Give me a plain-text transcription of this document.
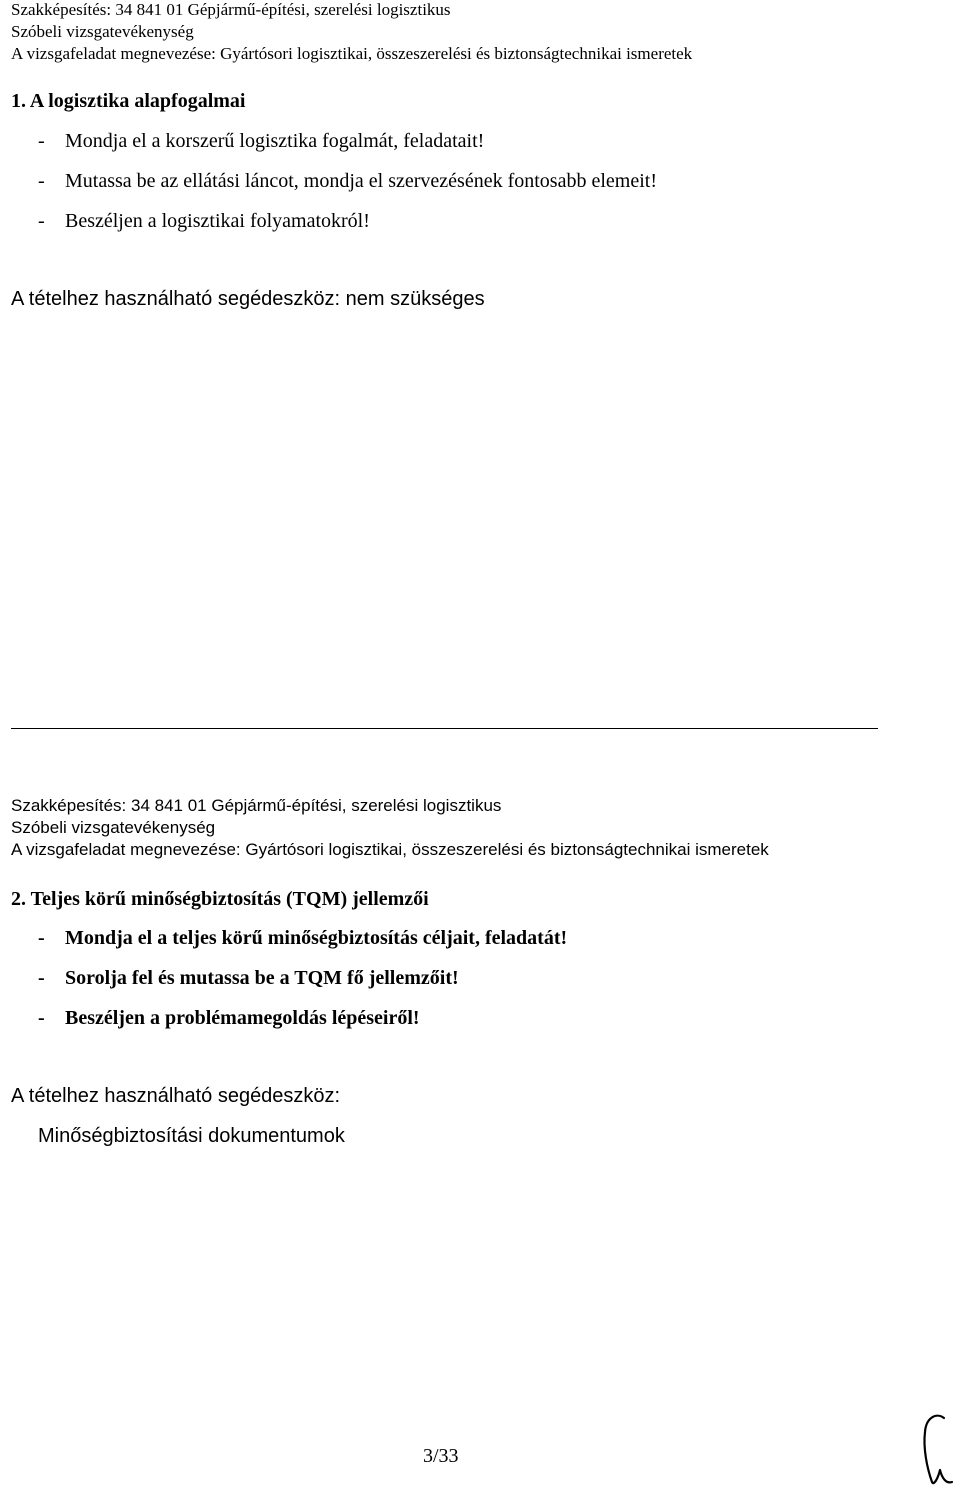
Szakképesítés: 34 841 01 Gépjármű-építési, szerelési logisztikus
Szóbeli vizsgatevékenység
A vizsgafeladat megnevezése: Gyártósori logisztikai, összeszerelési és biztonságtechnikai ismeretek
1. A logisztika alapfogalmai
- Mondja el a korszerű logisztika fogalmát, feladatait!
- Mutassa be az ellátási láncot, mondja el szervezésének fontosabb elemeit!
- Beszéljen a logisztikai folyamatokról!
A tételhez használható segédeszköz: nem szükséges
Szakképesítés: 34 841 01 Gépjármű-építési, szerelési logisztikus
Szóbeli vizsgatevékenység
A vizsgafeladat megnevezése: Gyártósori logisztikai, összeszerelési és biztonságtechnikai ismeretek
2. Teljes körű minőségbiztosítás (TQM) jellemzői
- Mondja el a teljes körű minőségbiztosítás céljait, feladatát!
- Sorolja fel és mutassa be a TQM fő jellemzőit!
- Beszéljen a problémamegoldás lépéseiről!
A tételhez használható segédeszköz:
Minőségbiztosítási dokumentumok
3/33
